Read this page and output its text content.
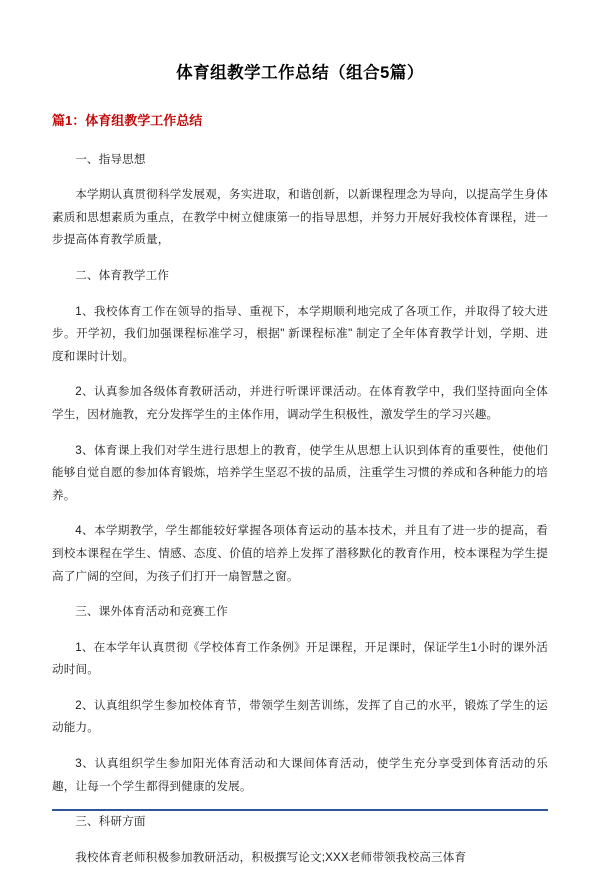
体育组教学工作总结（组合5篇）
篇1：体育组教学工作总结

一、指导思想

本学期认真贯彻科学发展观，务实进取，和谐创新，以新课程理念为导向，以提高学生身体素质和思想素质为重点，在教学中树立健康第一的指导思想，并努力开展好我校体育课程，进一步提高体育教学质量，

二、体育教学工作

1、我校体育工作在领导的指导、重视下，本学期顺利地完成了各项工作，并取得了较大进步。开学初，我们加强课程标准学习，根据" 新课程标准" 制定了全年体育教学计划，学期、进度和课时计划。

2、认真参加各级体育教研活动，并进行听课评课活动。在体育教学中，我们坚持面向全体学生，因材施教，充分发挥学生的主体作用，调动学生积极性，激发学生的学习兴趣。

3、体育课上我们对学生进行思想上的教育，使学生从思想上认识到体育的重要性，使他们能够自觉自愿的参加体育锻炼，培养学生坚忍不拔的品质，注重学生习惯的养成和各种能力的培养。

4、本学期教学，学生都能较好掌握各项体育运动的基本技术，并且有了进一步的提高，看到校本课程在学生、情感、态度、价值的培养上发挥了潜移默化的教育作用，校本课程为学生提高了广阔的空间，为孩子们打开一扇智慧之窗。

三、课外体育活动和竞赛工作

1、在本学年认真贯彻《学校体育工作条例》开足课程，开足课时，保证学生1小时的课外活动时间。

2、认真组织学生参加校体育节，带领学生刻苦训练，发挥了自己的水平，锻炼了学生的运动能力。

3、认真组织学生参加阳光体育活动和大课间体育活动，使学生充分享受到体育活动的乐趣，让每一个学生都得到健康的发展。

三、科研方面

我校体育老师积极参加教研活动，积极撰写论文;XXX老师带领我校高三体育
